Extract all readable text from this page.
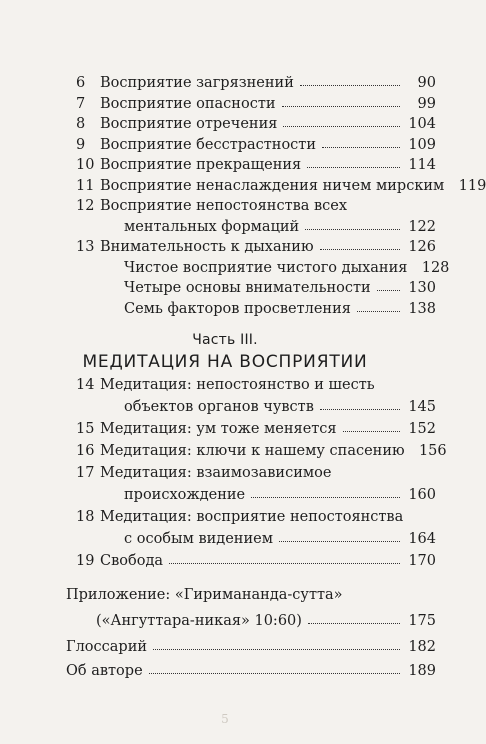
6	Восприятие загрязнений	90
7	Восприятие опасности	99
8	Восприятие отречения	104
9	Восприятие бесстрастности	109
10 Восприятие прекращения	114
11 Восприятие ненаслаждения ничем мирским 119
12 Восприятие непостоянства всех
ментальных формаций	122
13 Внимательность к дыханию	126
Чистое восприятие чистого дыхания 128
Четыре основы внимательности	130
Семь факторов просветления	138
Часть III.
МЕДИТАЦИЯ НА ВОСПРИЯТИИ
14 Медитация: непостоянство и шесть
объектов органов чувств	145
15 Медитация: ум тоже меняется	152
16 Медитация: ключи к нашему спасению 156
17 Медитация: взаимозависимое
происхождение	160
18 Медитация: восприятие непостоянства
с особым видением	164
19 Свобода	170
Приложение: «Гиримананда-сутта»
(«Ангуттара-никая» 10:60)	175
Глоссарий	182
Об авторе	189
5
